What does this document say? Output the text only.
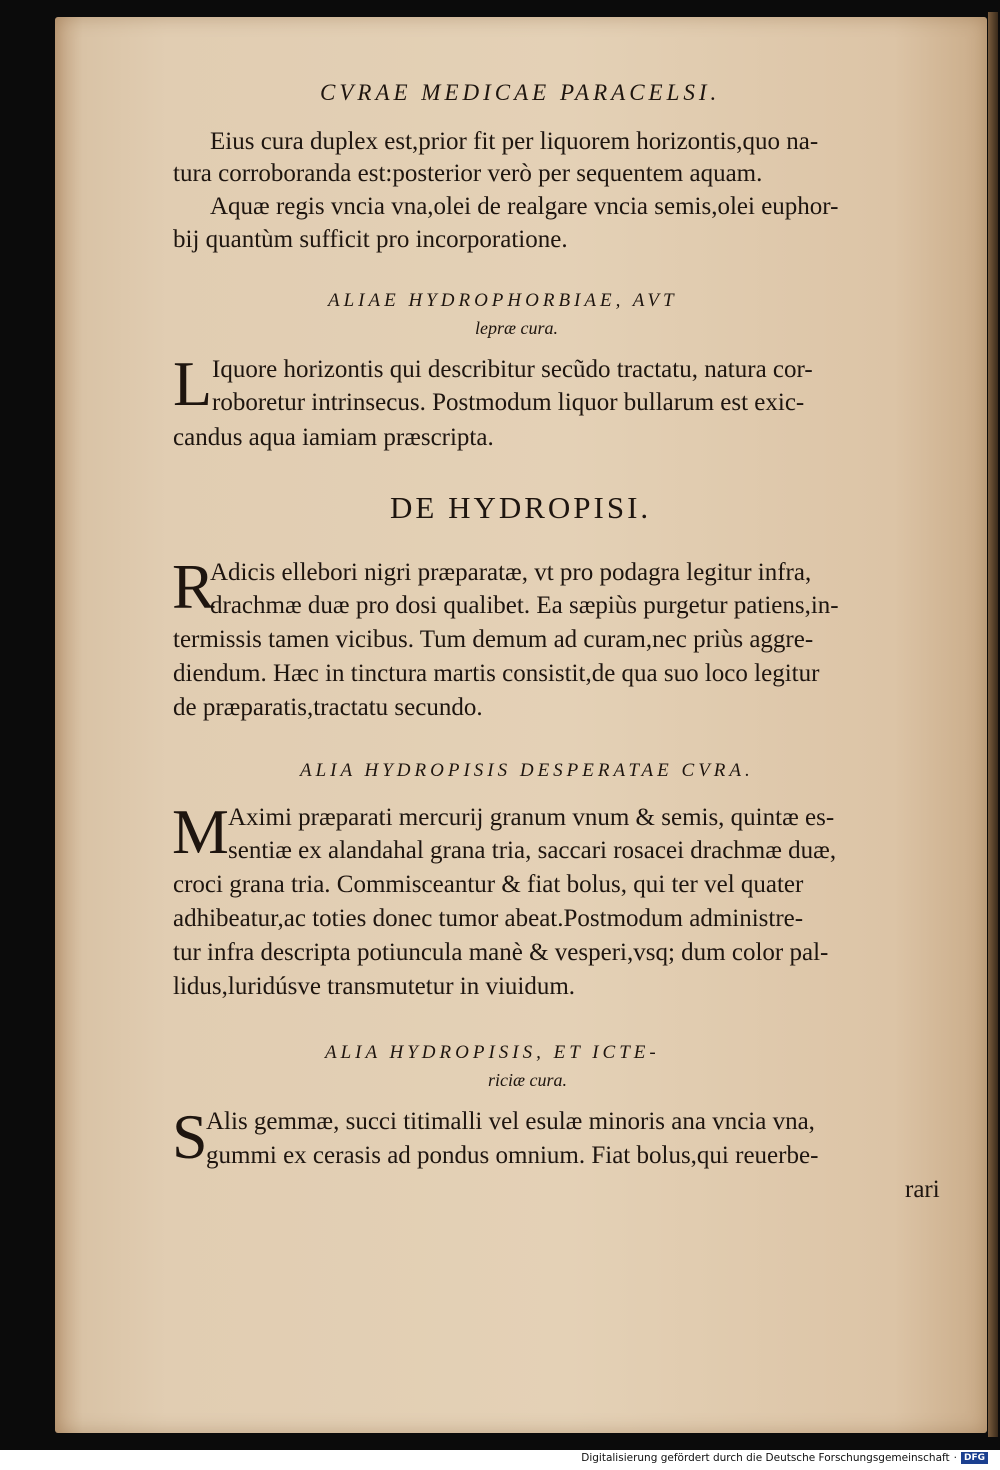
CVRAE MEDICAE PARACELSI.
Eius cura duplex est,prior fit per liquorem horizontis,quo na-
tura corroboranda est:posterior verò per sequentem aquam.
Aquæ regis vncia vna,olei de realgare vncia semis,olei euphor-
bij quantùm sufficit pro incorporatione.
ALIAE HYDROPHORBIAE, AVT
lepræ cura.
L Iquore horizontis qui describitur secũdo tractatu, natura cor-
roboretur intrinsecus. Postmodum liquor bullarum est exic-
candus aqua iamiam præscripta.
DE HYDROPISI.
R
Adicis ellebori nigri præparatæ, vt pro podagra legitur infra,
drachmæ duæ pro dosi qualibet. Ea sæpiùs purgetur patiens,in-
termissis tamen vicibus. Tum demum ad curam,nec priùs aggre-
diendum. Hæc in tinctura martis consistit,de qua suo loco legitur
de præparatis,tractatu secundo.
ALIA HYDROPISIS DESPERATAE CVRA.
M Aximi præparati mercurij granum vnum & semis, quintæ es-
sentiæ ex alandahal grana tria, saccari rosacei drachmæ duæ,
croci grana tria. Commisceantur & fiat bolus, qui ter vel quater
adhibeatur,ac toties donec tumor abeat.Postmodum administre-
tur infra descripta potiuncula manè & vesperi,vsq; dum color pal-
lidus,luridúsve transmutetur in viuidum.
ALIA HYDROPISIS, ET ICTE-
riciæ cura.
S
Alis gemmæ, succi titimalli vel esulæ minoris ana vncia vna,
gummi ex cerasis ad pondus omnium. Fiat bolus,qui reuerbe-
rari
Digitalisierung gefördert durch die Deutsche Forschungsgemeinschaft · DFG
